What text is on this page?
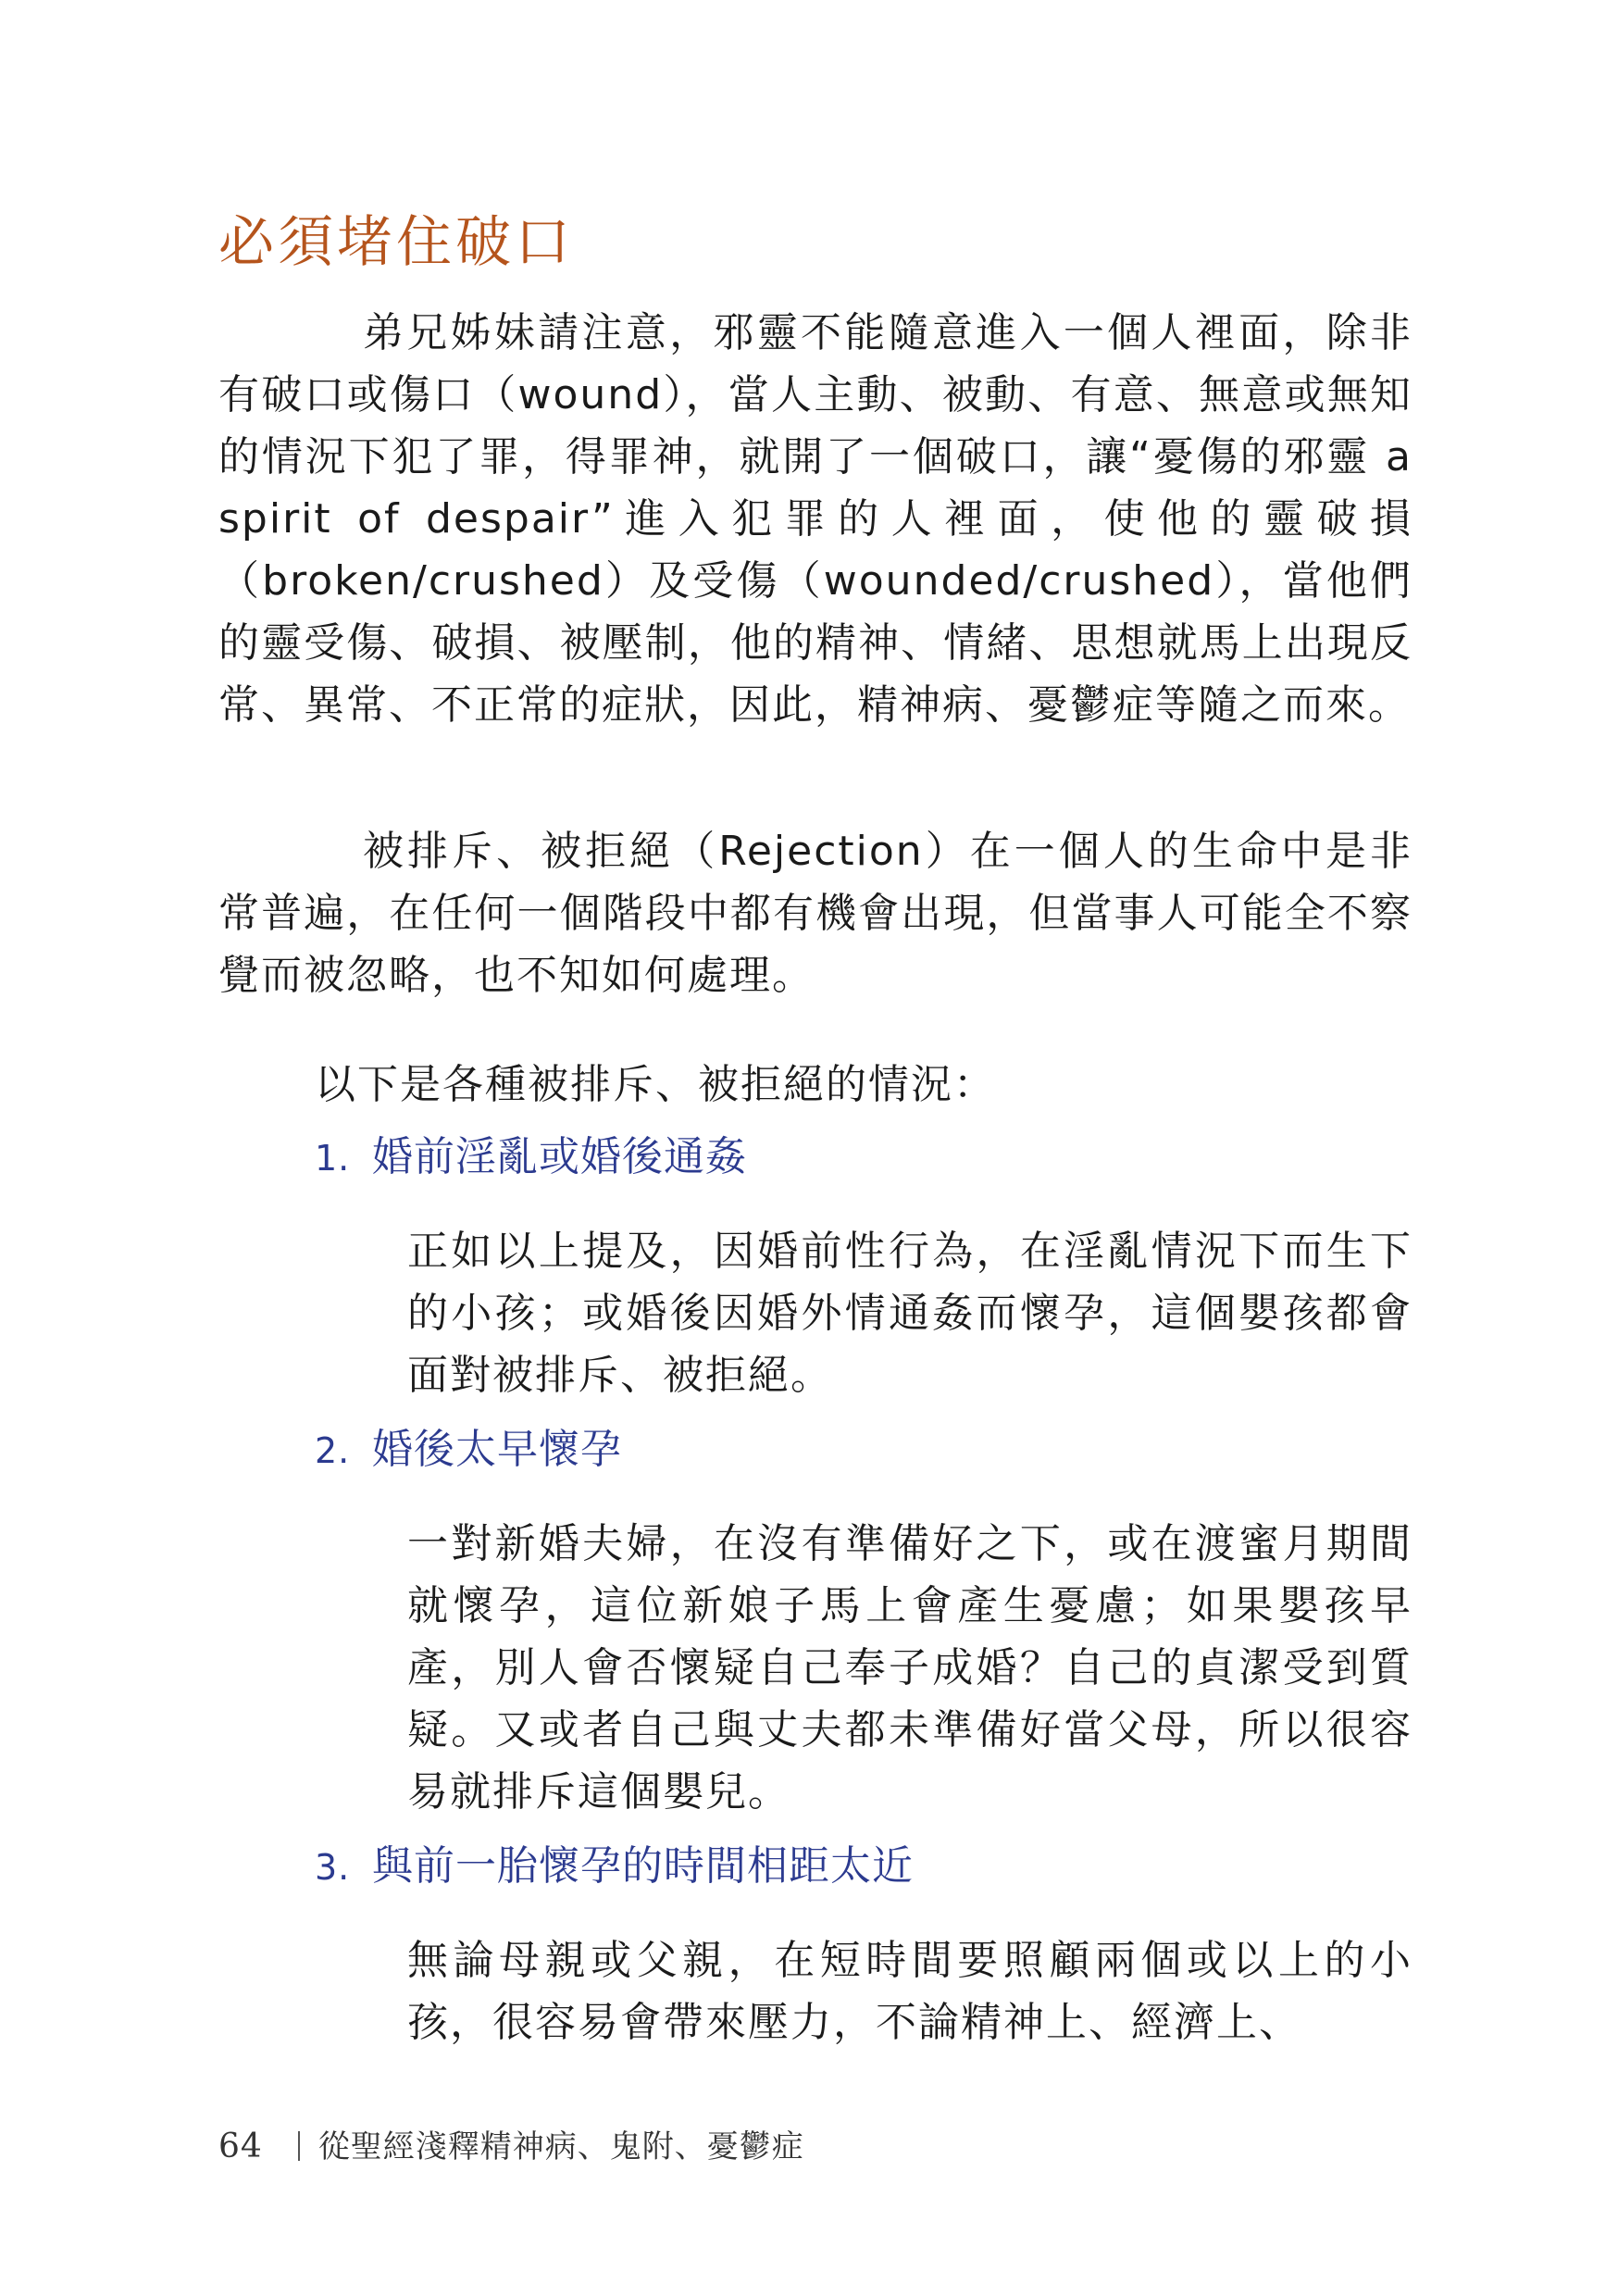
必須堵住破口

弟兄姊妹請注意，邪靈不能隨意進入一個人裡面，除非有破口或傷口（wound），當人主動、被動、有意、無意或無知的情況下犯了罪，得罪神，就開了一個破口，讓“憂傷的邪靈 a spirit of despair”進入犯罪的人裡面，使他的靈破損（broken/crushed）及受傷（wounded/crushed），當他們的靈受傷、破損、被壓制，他的精神、情緒、思想就馬上出現反常、異常、不正常的症狀，因此，精神病、憂鬱症等隨之而來。

被排斥、被拒絕（Rejection）在一個人的生命中是非常普遍，在任何一個階段中都有機會出現，但當事人可能全不察覺而被忽略，也不知如何處理。

以下是各種被排斥、被拒絕的情況：

1. 婚前淫亂或婚後通姦

正如以上提及，因婚前性行為，在淫亂情況下而生下的小孩；或婚後因婚外情通姦而懷孕，這個嬰孩都會面對被排斥、被拒絕。

2. 婚後太早懷孕

一對新婚夫婦，在沒有準備好之下，或在渡蜜月期間就懷孕，這位新娘子馬上會產生憂慮；如果嬰孩早產，別人會否懷疑自己奉子成婚？自己的貞潔受到質疑。又或者自己與丈夫都未準備好當父母，所以很容易就排斥這個嬰兒。

3. 與前一胎懷孕的時間相距太近

無論母親或父親，在短時間要照顧兩個或以上的小孩，很容易會帶來壓力，不論精神上、經濟上、

64 從聖經淺釋精神病、鬼附、憂鬱症
